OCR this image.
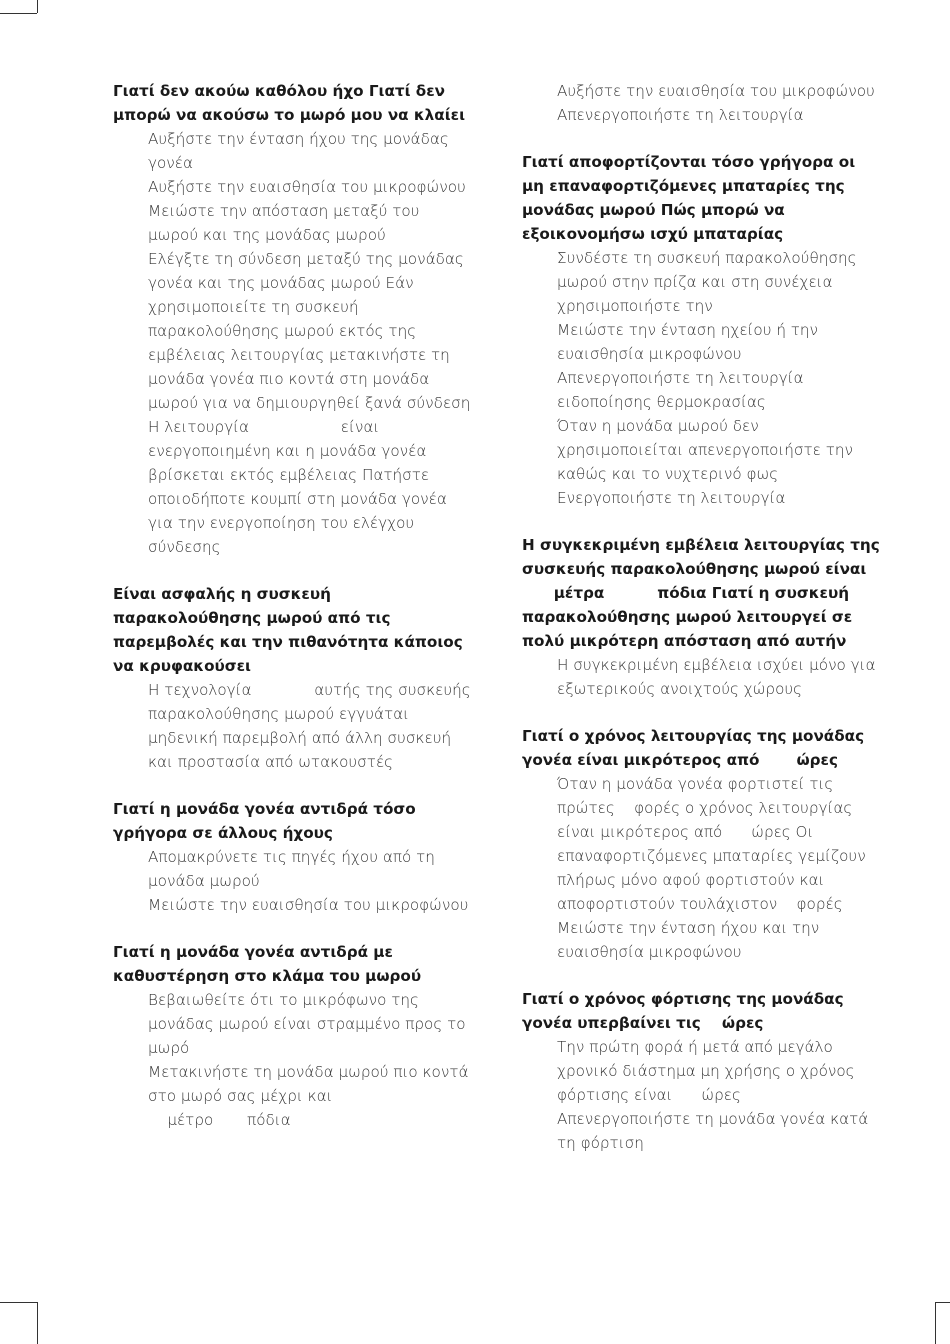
Γιατί δεν ακούω καθόλου ήχο Γιατί δεν μπορώ να ακούσω το μωρό μου να κλαίει

Αυξήστε την ένταση ήχου της μονάδας γονέα
Αυξήστε την ευαισθησία του μικροφώνου
Μειώστε την απόσταση μεταξύ του μωρού και της μονάδας μωρού
Ελέγξτε τη σύνδεση μεταξύ της μονάδας γονέα και της μονάδας μωρού Εάν χρησιμοποιείτε τη συσκευή παρακολούθησης μωρού εκτός της εμβέλειας λειτουργίας μετακινήστε τη μονάδα γονέα πιο κοντά στη μονάδα μωρού για να δημιουργηθεί ξανά σύνδεση
Η λειτουργία                   είναι ενεργοποιημένη και η μονάδα γονέα βρίσκεται εκτός εμβέλειας Πατήστε οποιοδήποτε κουμπί στη μονάδα γονέα για την ενεργοποίηση του ελέγχου σύνδεσης

Είναι ασφαλής η συσκευή παρακολούθησης μωρού από τις παρεμβολές και την πιθανότητα κάποιος να κρυφακούσει

Η τεχνολογία             αυτής της συσκευής παρακολούθησης μωρού εγγυάται μηδενική παρεμβολή από άλλη συσκευή και προστασία από ωτακουστές

Γιατί η μονάδα γονέα αντιδρά τόσο γρήγορα σε άλλους ήχους

Απομακρύνετε τις πηγές ήχου από τη μονάδα μωρού
Μειώστε την ευαισθησία του μικροφώνου

Γιατί η μονάδα γονέα αντιδρά με καθυστέρηση στο κλάμα του μωρού

Βεβαιωθείτε ότι το μικρόφωνο της μονάδας μωρού είναι στραμμένο προς το μωρό
Μετακινήστε τη μονάδα μωρού πιο κοντά στο μωρό σας μέχρι και
μέτρο       πόδια
Αυξήστε την ευαισθησία του μικροφώνου
Απενεργοποιήστε τη λειτουργία

Γιατί αποφορτίζονται τόσο γρήγορα οι μη επαναφορτιζόμενες μπαταρίες της μονάδας μωρού Πώς μπορώ να εξοικονομήσω ισχύ μπαταρίας

Συνδέστε τη συσκευή παρακολούθησης μωρού στην πρίζα και στη συνέχεια χρησιμοποιήστε την
Μειώστε την ένταση ηχείου ή την ευαισθησία μικροφώνου
Απενεργοποιήστε τη λειτουργία ειδοποίησης θερμοκρασίας
Όταν η μονάδα μωρού δεν χρησιμοποιείται απενεργοποιήστε την καθώς και το νυχτερινό φως
Ενεργοποιήστε τη λειτουργία

Η συγκεκριμένη εμβέλεια λειτουργίας της συσκευής παρακολούθησης μωρού είναι
μέτρα          πόδια Γιατί η συσκευή παρακολούθησης μωρού λειτουργεί σε πολύ μικρότερη απόσταση από αυτήν

Η συγκεκριμένη εμβέλεια ισχύει μόνο για εξωτερικούς ανοιχτούς χώρους

Γιατί ο χρόνος λειτουργίας της μονάδας γονέα είναι μικρότερος από       ώρες

Όταν η μονάδα γονέα φορτιστεί τις πρώτες    φορές ο χρόνος λειτουργίας είναι μικρότερος από      ώρες Οι επαναφορτιζόμενες μπαταρίες γεμίζουν πλήρως μόνο αφού φορτιστούν και αποφορτιστούν τουλάχιστον    φορές
Μειώστε την ένταση ήχου και την ευαισθησία μικροφώνου

Γιατί ο χρόνος φόρτισης της μονάδας γονέα υπερβαίνει τις    ώρες

Την πρώτη φορά ή μετά από μεγάλο χρονικό διάστημα μη χρήσης ο χρόνος φόρτισης είναι      ώρες
Απενεργοποιήστε τη μονάδα γονέα κατά τη φόρτιση
